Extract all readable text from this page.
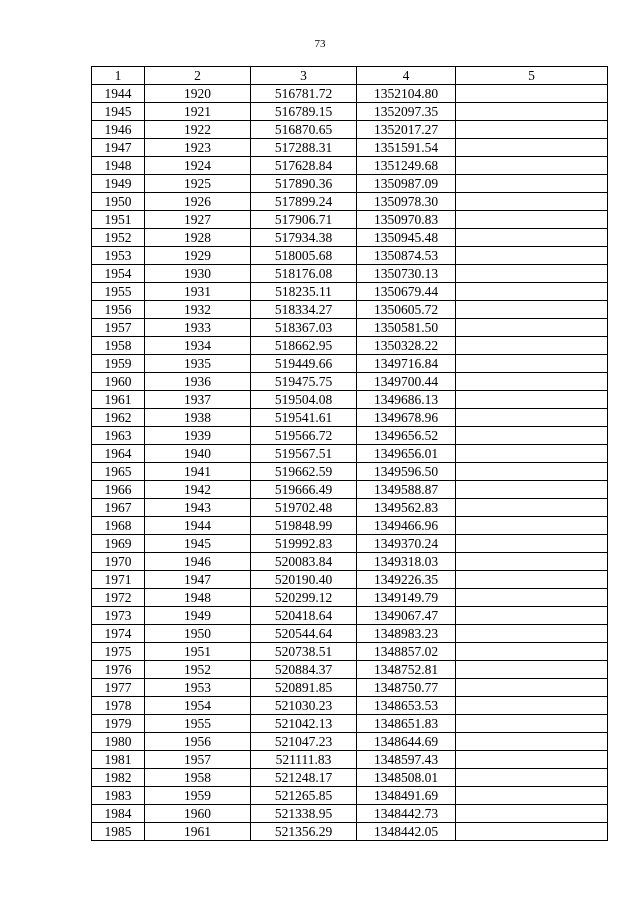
73
1	2	3	4	5
1944	1920	516781.72	1352104.80	
1945	1921	516789.15	1352097.35	
1946	1922	516870.65	1352017.27	
1947	1923	517288.31	1351591.54	
1948	1924	517628.84	1351249.68	
1949	1925	517890.36	1350987.09	
1950	1926	517899.24	1350978.30	
1951	1927	517906.71	1350970.83	
1952	1928	517934.38	1350945.48	
1953	1929	518005.68	1350874.53	
1954	1930	518176.08	1350730.13	
1955	1931	518235.11	1350679.44	
1956	1932	518334.27	1350605.72	
1957	1933	518367.03	1350581.50	
1958	1934	518662.95	1350328.22	
1959	1935	519449.66	1349716.84	
1960	1936	519475.75	1349700.44	
1961	1937	519504.08	1349686.13	
1962	1938	519541.61	1349678.96	
1963	1939	519566.72	1349656.52	
1964	1940	519567.51	1349656.01	
1965	1941	519662.59	1349596.50	
1966	1942	519666.49	1349588.87	
1967	1943	519702.48	1349562.83	
1968	1944	519848.99	1349466.96	
1969	1945	519992.83	1349370.24	
1970	1946	520083.84	1349318.03	
1971	1947	520190.40	1349226.35	
1972	1948	520299.12	1349149.79	
1973	1949	520418.64	1349067.47	
1974	1950	520544.64	1348983.23	
1975	1951	520738.51	1348857.02	
1976	1952	520884.37	1348752.81	
1977	1953	520891.85	1348750.77	
1978	1954	521030.23	1348653.53	
1979	1955	521042.13	1348651.83	
1980	1956	521047.23	1348644.69	
1981	1957	521111.83	1348597.43	
1982	1958	521248.17	1348508.01	
1983	1959	521265.85	1348491.69	
1984	1960	521338.95	1348442.73	
1985	1961	521356.29	1348442.05	
